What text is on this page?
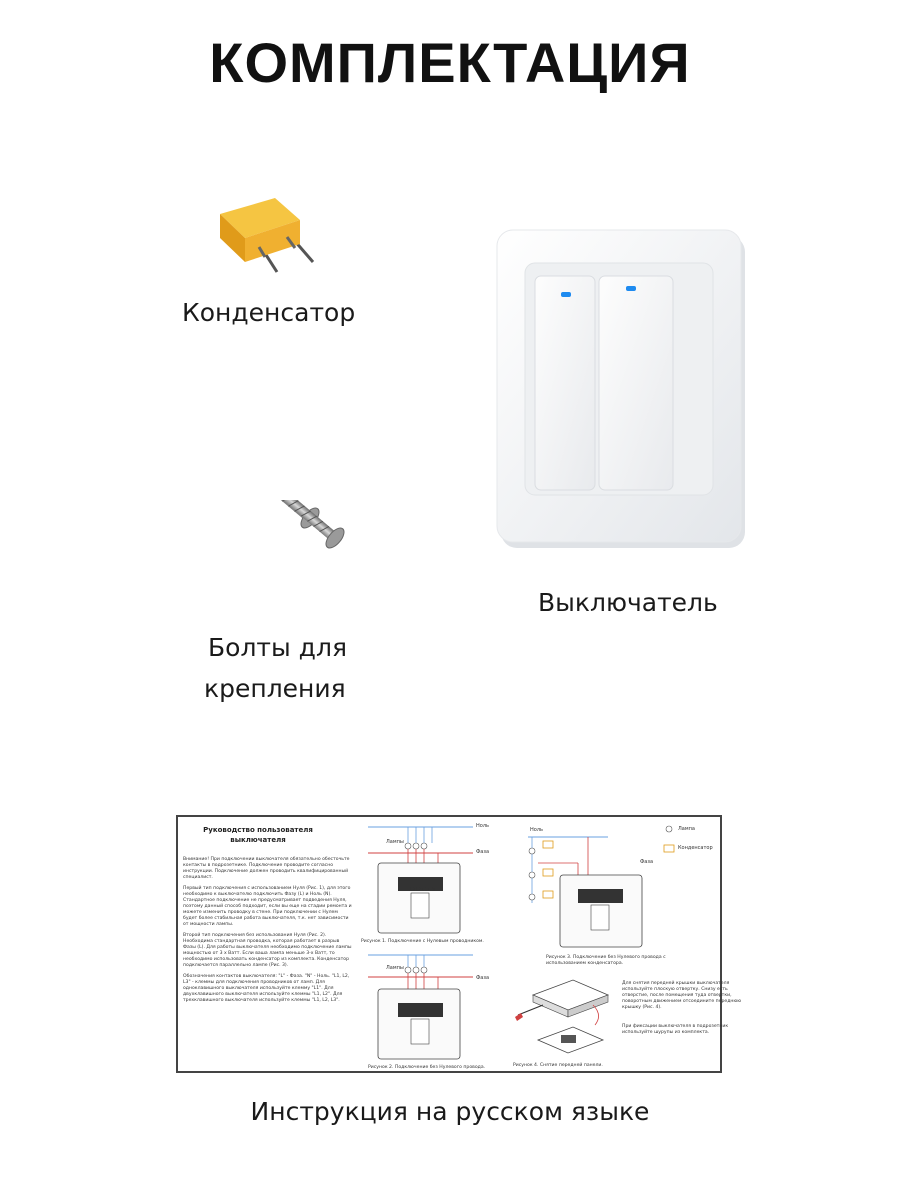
КОМПЛЕКТАЦИЯ
Конденсатор
Выключатель
Болты для
крепления
Руководство пользователя
выключателя

Внимание! При подключении выключателя обязательно обесточьте контакты в подрозетнике. Подключение проводите согласно инструкции. Подключение должен проводить квалифицированный специалист.

Первый тип подключения с использованием Нуля (Рис. 1), для этого необходимо к выключателю подключить Фазу (L) и Ноль (N). Стандартное подключение не предусматривает подведения Нуля, поэтому данный способ подходит, если вы еще на стадии ремонта и можете изменить проводку в стене. При подключении с Нулем будет более стабильная работа выключателя, т.к. нет зависимости от мощности лампы.

Второй тип подключения без использования Нуля (Рис. 2). Необходима стандартная проводка, которая работает в разрыв Фазы (L). Для работы выключателя необходимо подключение лампы мощностью от 3 х Ватт. Если ваша лампа меньше 3-х Ватт, то необходимо использовать конденсатор из комплекта. Конденсатор подключается параллельно лампе (Рис. 3).

Обозначения контактов выключателя: "L" - Фаза. "N" - Ноль. "L1, L2, L3" - клеммы для подключения проводников от ламп. Для одноклавишного выключателя используйте клемму "L1". Для двухклавишного выключателя используйте клеммы "L1, L2". Для трехклавишного выключателя используйте клеммы "L1, L2, L3".

Ноль
Лампы
Фаза
L3 L2 L1 L N
Рисунок 1. Подключение с Нулевым проводником.
Лампы
Фаза
Рисунок 2. Подключение без Нулевого провода.
Ноль
Фаза
Лампа
Конденсатор
Рисунок 3. Подключение без Нулевого провода с
использованием конденсатора.
Для снятия передней крышки выключателя используйте плоскую отвертку. Снизу есть отверстие, после помещения туда отвертки, поворотным движением отсоедините переднюю крышку (Рис. 4).
При фиксации выключателя в подрозетник используйте шурупы из комплекта.
Рисунок 4. Снятие передней панели.
Инструкция на русском языке
